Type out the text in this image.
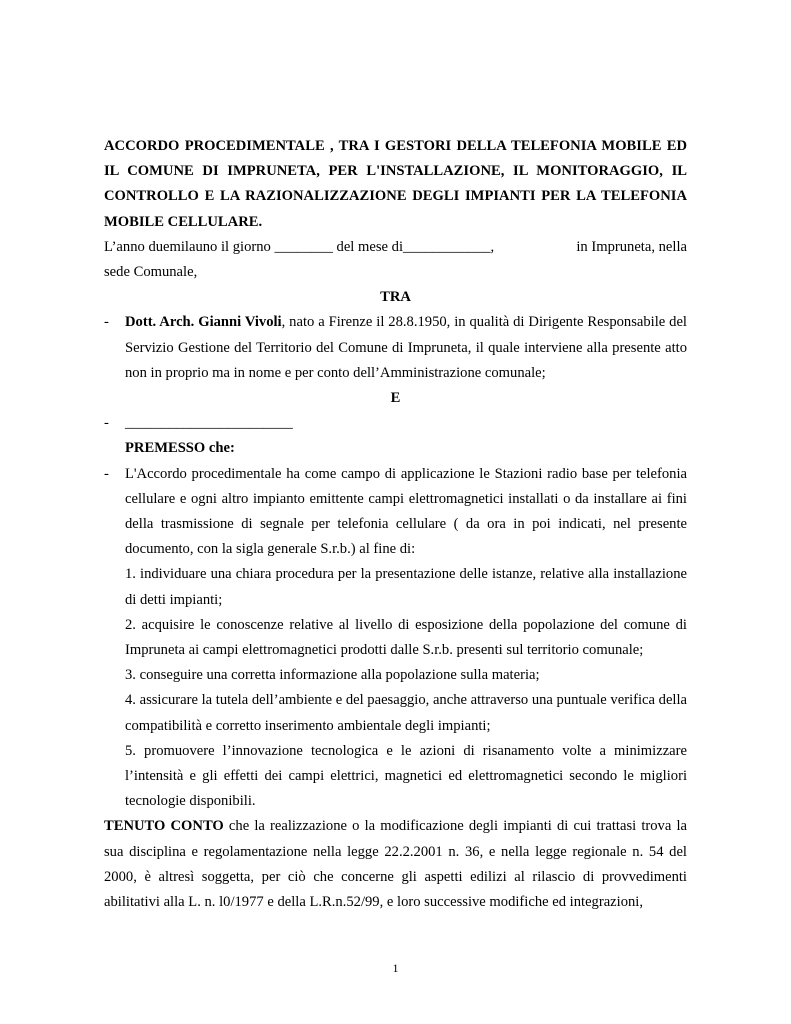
ACCORDO PROCEDIMENTALE , TRA I GESTORI DELLA TELEFONIA MOBILE ED

IL COMUNE DI IMPRUNETA, PER L'INSTALLAZIONE, IL MONITORAGGIO, IL

CONTROLLO E LA RAZIONALIZZAZIONE DEGLI IMPIANTI PER LA TELEFONIA

MOBILE CELLULARE.

L’anno duemilauno il giorno ________ del mese di____________,	in Impruneta, nella

sede Comunale,

TRA

- Dott. Arch. Gianni Vivoli, nato a Firenze il 28.8.1950, in qualità di Dirigente Responsabile del Servizio Gestione del Territorio del Comune di Impruneta, il quale interviene alla presente atto non in proprio ma in nome e per conto dell’Amministrazione comunale;

E

- _______________________

PREMESSO che:

- L'Accordo procedimentale ha come campo di applicazione le Stazioni radio base per telefonia cellulare e ogni altro impianto emittente campi elettromagnetici installati o da installare ai fini della trasmissione di segnale per telefonia cellulare ( da ora in poi indicati, nel presente documento, con la sigla generale S.r.b.) al fine di:

1. individuare una chiara procedura per la presentazione delle istanze, relative alla installazione di detti impianti;

2. acquisire le conoscenze relative al livello di esposizione della popolazione del comune di Impruneta ai campi elettromagnetici prodotti dalle S.r.b. presenti sul territorio comunale;

3. conseguire una corretta informazione alla popolazione sulla materia;

4. assicurare la tutela dell’ambiente e del paesaggio, anche attraverso una puntuale verifica della compatibilità e corretto inserimento ambientale degli impianti;

5. promuovere l’innovazione tecnologica e le azioni di risanamento volte a minimizzare l’intensità e gli effetti dei campi elettrici, magnetici ed elettromagnetici secondo le migliori tecnologie disponibili.

TENUTO CONTO che la realizzazione o la modificazione degli impianti di cui trattasi trova la sua disciplina e regolamentazione nella legge 22.2.2001 n. 36, e nella legge regionale n. 54 del 2000, è altresì soggetta, per ciò che concerne gli aspetti edilizi al rilascio di provvedimenti abilitativi alla L. n. l0/1977 e della L.R.n.52/99, e loro successive modifiche ed integrazioni,

1
